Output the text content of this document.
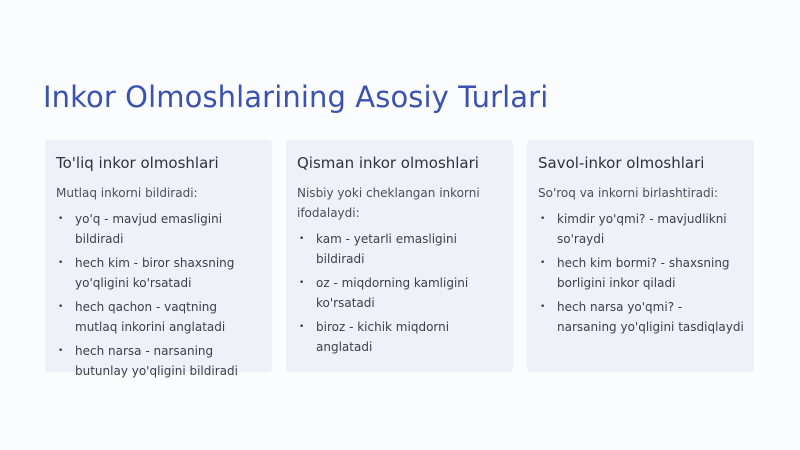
Inkor Olmoshlarining Asosiy Turlari
To'liq inkor olmoshlari
Mutlaq inkorni bildiradi:
• yo'q - mavjud emasligini bildiradi
• hech kim - biror shaxsning yo'qligini ko'rsatadi
• hech qachon - vaqtning mutlaq inkorini anglatadi
• hech narsa - narsaning butunlay yo'qligini bildiradi
Qisman inkor olmoshlari
Nisbiy yoki cheklangan inkorni ifodalaydi:
• kam - yetarli emasligini bildiradi
• oz - miqdorning kamligini ko'rsatadi
• biroz - kichik miqdorni anglatadi
Savol-inkor olmoshlari
So'roq va inkorni birlashtiradi:
• kimdir yo'qmi? - mavjudlikni so'raydi
• hech kim bormi? - shaxsning borligini inkor qiladi
• hech narsa yo'qmi? - narsaning yo'qligini tasdiqlaydi
